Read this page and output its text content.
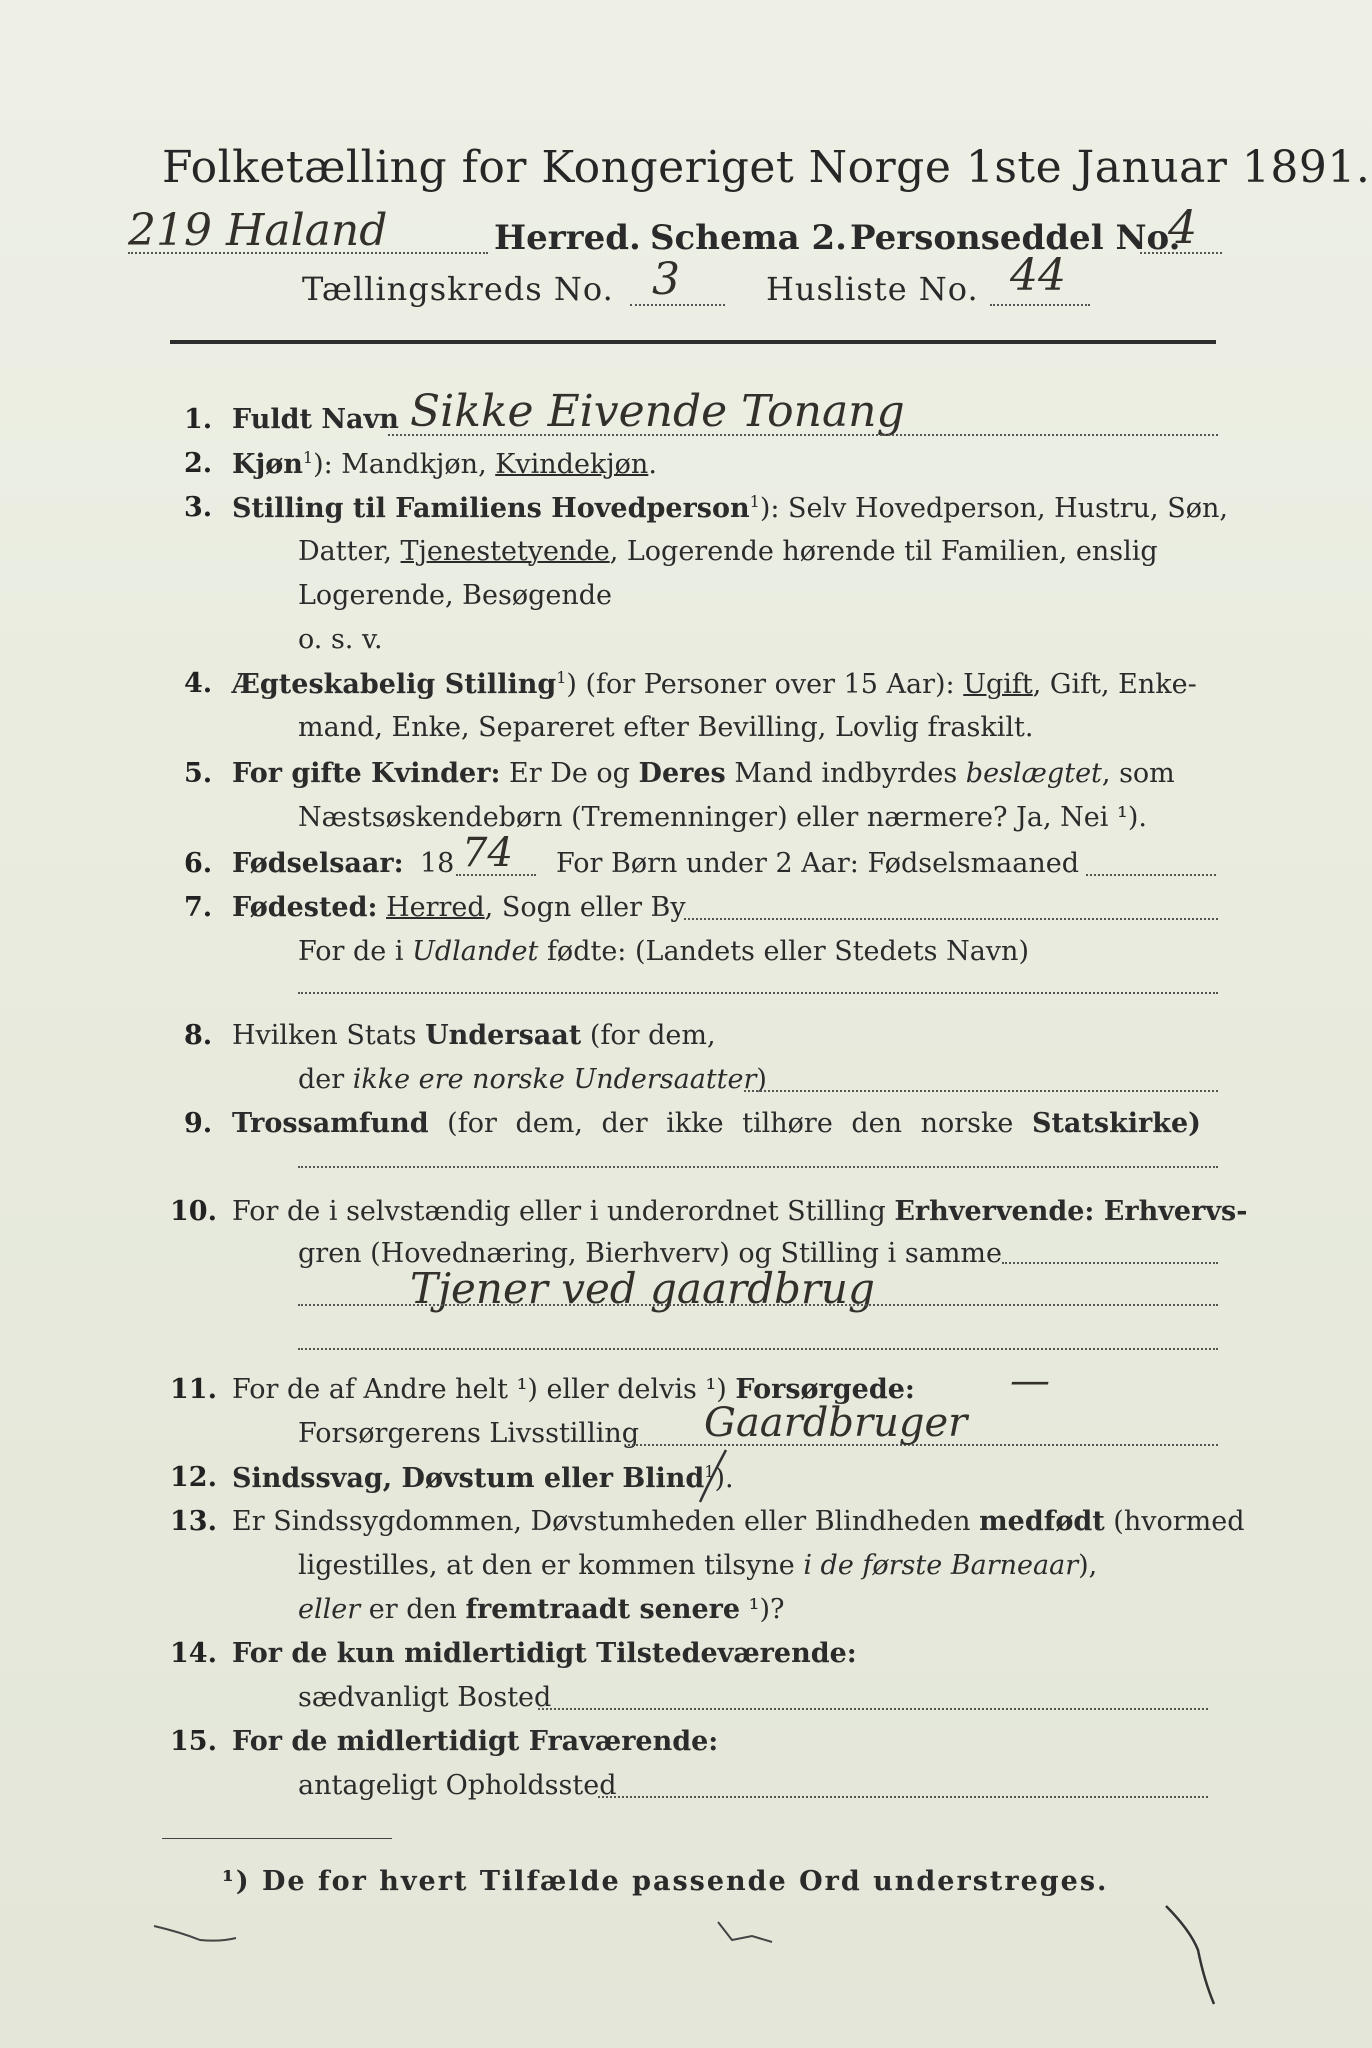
Folketælling for Kongeriget Norge 1ste Januar 1891.
219 Haland	Herred. Schema 2. Personseddel No.
4
Tællingskreds No. 3	Husliste No. 44
1. Fuldt Navn Sikke Eivende Tonang
2. Kjøn$^1$): Mandkjøn, Kvindekjøn.
3. Stilling til Familiens Hovedperson$^1$): Selv Hovedperson, Hustru, Søn,
Datter, Tjenestetyende, Logerende hørende til Familien, enslig
Logerende, Besøgende
o. s. v.
4. Ægteskabelig Stilling$^1$) (for Personer over 15 Aar): Ugift, Gift, Enke-
mand, Enke, Separeret efter Bevilling, Lovlig fraskilt.
5. For gifte Kvinder: Er De og Deres Mand indbyrdes beslægtet, som
Næstsøskendebørn (Tremenninger) eller nærmere? Ja, Nei ¹).
6. Fødselsaar: 18 74 For Børn under 2 Aar: Fødselsmaaned
7. Fødested: Herred, Sogn eller By
For de i Udlandet fødte: (Landets eller Stedets Navn)
8. Hvilken Stats Undersaat (for dem,
der ikke ere norske Undersaatter)
9. Trossamfund (for dem, der ikke tilhøre den norske Statskirke)
10. For de i selvstændig eller i underordnet Stilling Erhvervende: Erhvervs-
gren (Hovednæring, Bierhverv) og Stilling i samme
Tjener ved gaardbrug
11. For de af Andre helt ¹) eller delvis ¹) Forsørgede: —
Forsørgerens Livsstilling Gaardbruger
12. Sindssvag, Døvstum eller Blind$^1$).
13. Er Sindssygdommen, Døvstumheden eller Blindheden medfødt (hvormed
ligestilles, at den er kommen tilsyne i de første Barneaar),
eller er den fremtraadt senere ¹)?
14. For de kun midlertidigt Tilstedeværende:
sædvanligt Bosted
15. For de midlertidigt Fraværende:
antageligt Opholdssted
¹) De for hvert Tilfælde passende Ord understreges.
